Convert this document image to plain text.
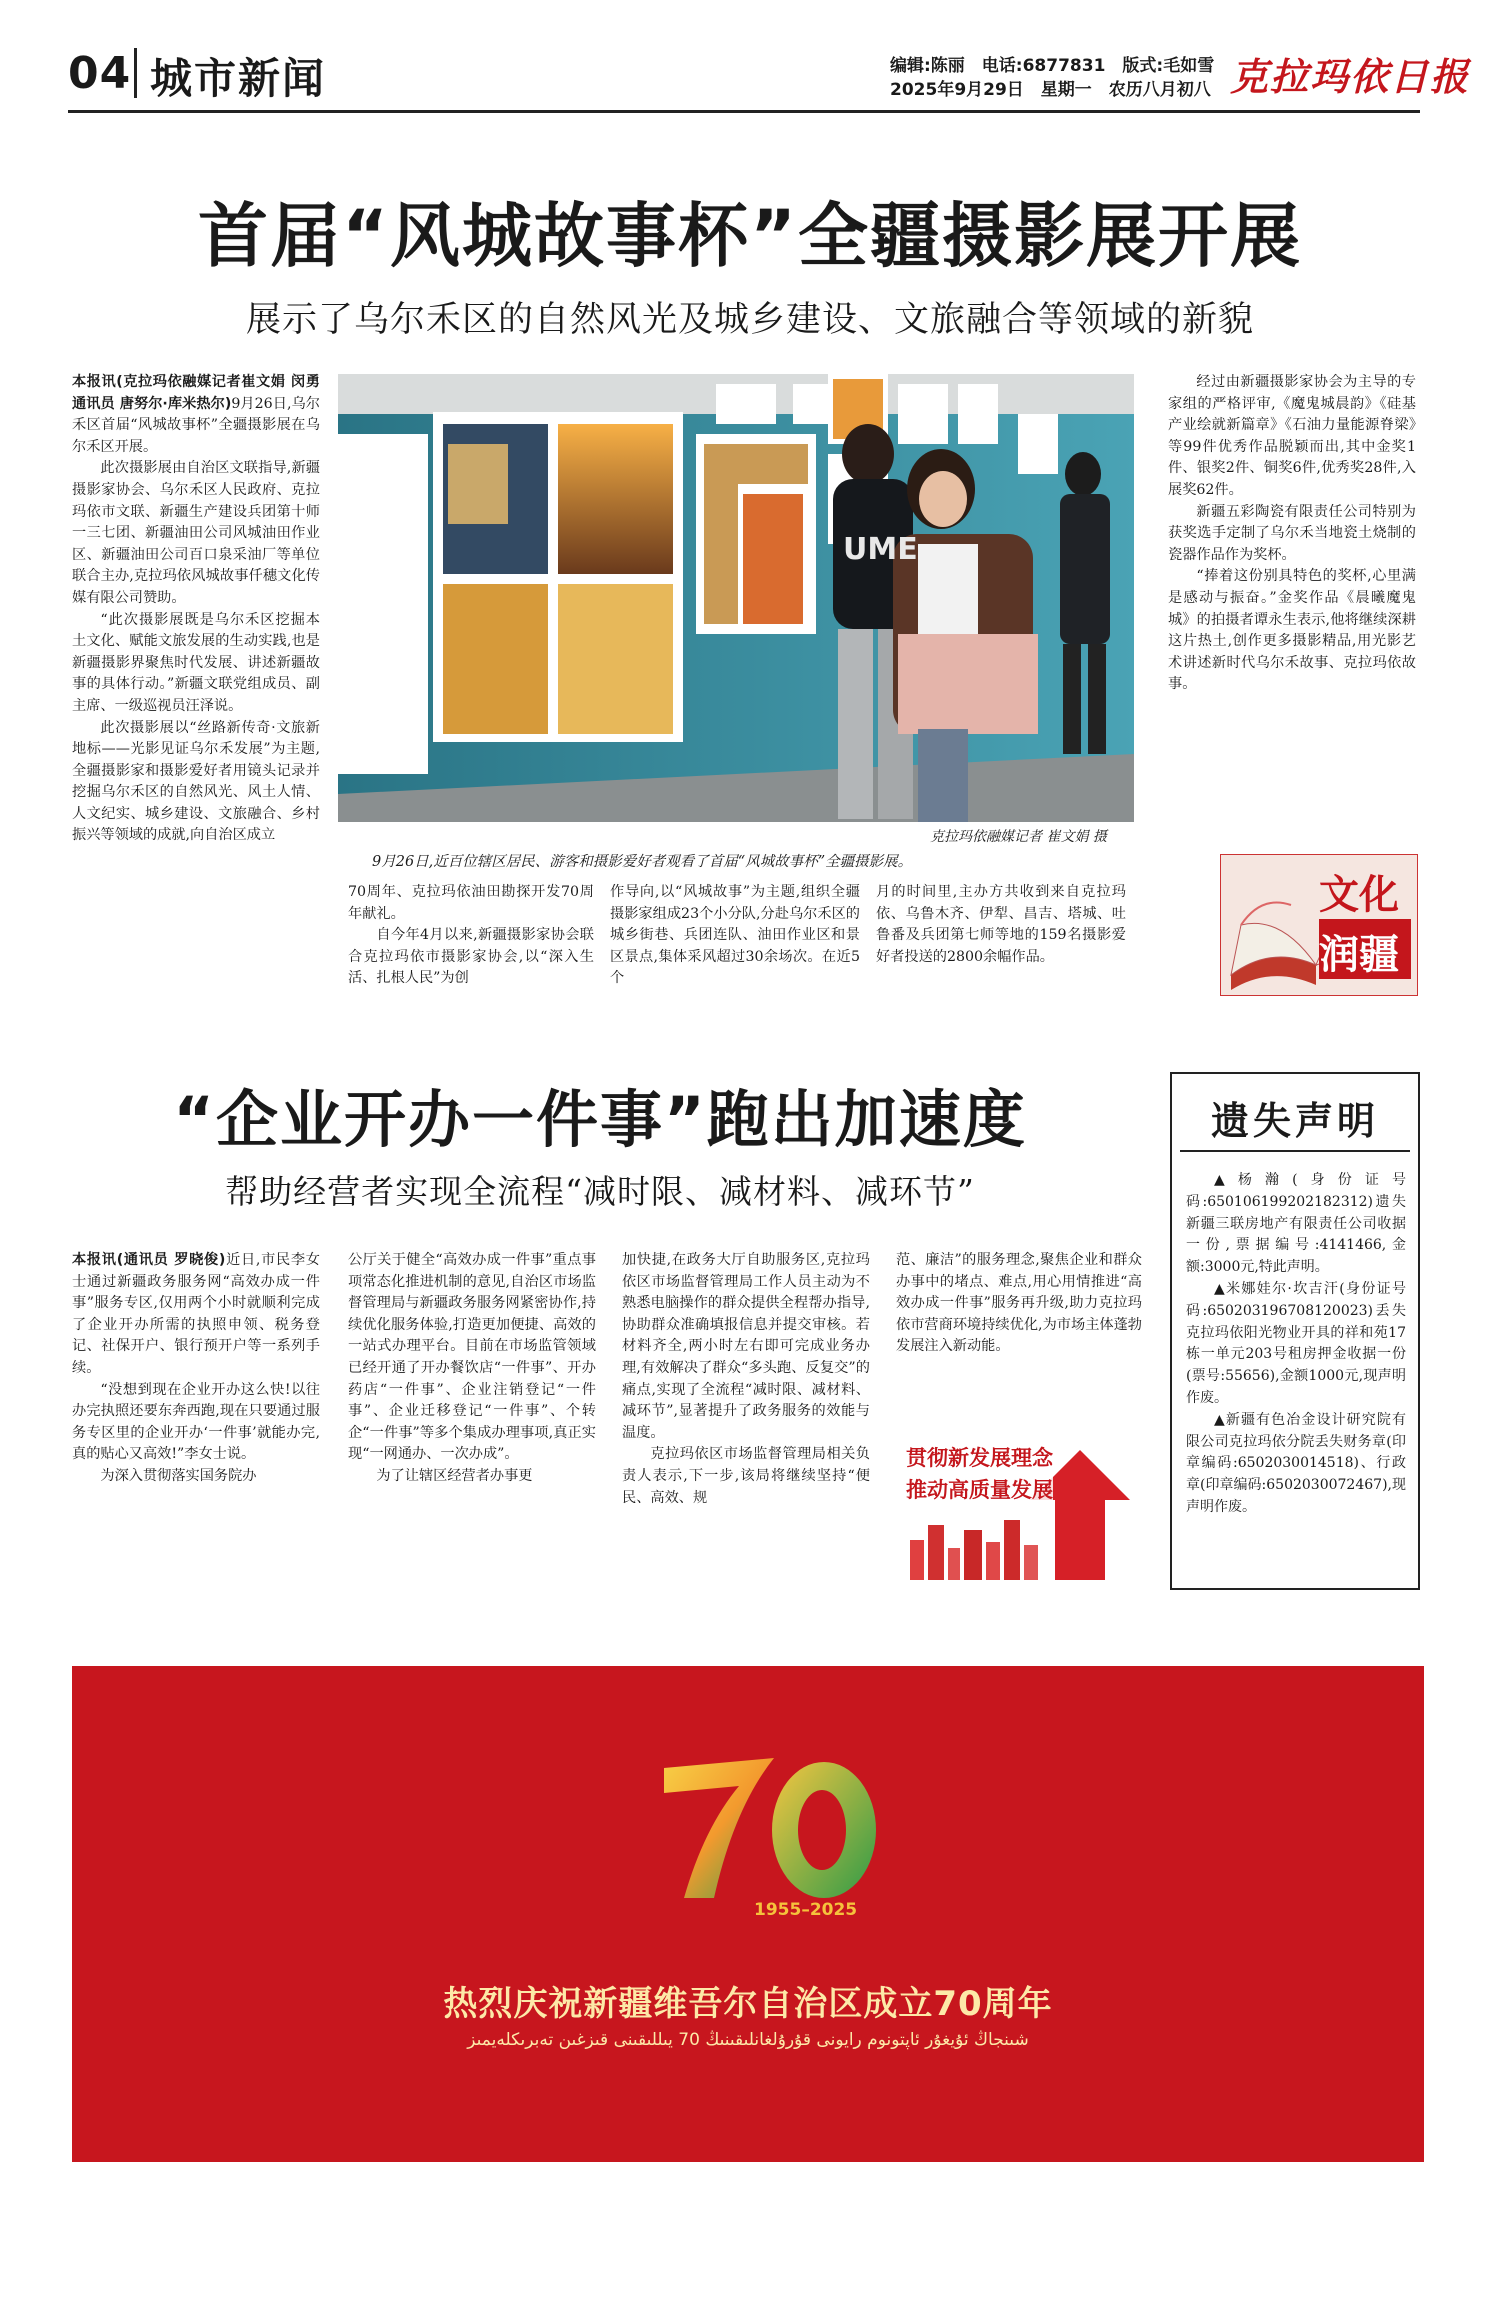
04 城市新闻	编辑:陈丽　电话:6877831　版式:毛如雪
2025年9月29日　星期一　农历八月初八 克拉玛依日报
首届“风城故事杯”全疆摄影展开展
展示了乌尔禾区的自然风光及城乡建设、文旅融合等领域的新貌

本报讯(克拉玛依融媒记者崔文娟 闵勇 通讯员 唐努尔·库米热尔)9月26日,乌尔禾区首届“风城故事杯”全疆摄影展在乌尔禾区开展。

此次摄影展由自治区文联指导,新疆摄影家协会、乌尔禾区人民政府、克拉玛依市文联、新疆生产建设兵团第十师一三七团、新疆油田公司风城油田作业区、新疆油田公司百口泉采油厂等单位联合主办,克拉玛依风城故事仟穗文化传媒有限公司赞助。

“此次摄影展既是乌尔禾区挖掘本土文化、赋能文旅发展的生动实践,也是新疆摄影界聚焦时代发展、讲述新疆故事的具体行动。”新疆文联党组成员、副主席、一级巡视员汪泽说。

此次摄影展以“丝路新传奇·文旅新地标——光影见证乌尔禾发展”为主题,全疆摄影家和摄影爱好者用镜头记录并挖掘乌尔禾区的自然风光、风土人情、人文纪实、城乡建设、文旅融合、乡村振兴等领域的成就,向自治区成立

UME
克拉玛依融媒记者 崔文娟 摄
9月26日,近百位辖区居民、游客和摄影爱好者观看了首届“风城故事杯”全疆摄影展。

70周年、克拉玛依油田勘探开发70周年献礼。

自今年4月以来,新疆摄影家协会联合克拉玛依市摄影家协会,以“深入生活、扎根人民”为创

作导向,以“风城故事”为主题,组织全疆摄影家组成23个小分队,分赴乌尔禾区的城乡街巷、兵团连队、油田作业区和景区景点,集体采风超过30余场次。在近5个

月的时间里,主办方共收到来自克拉玛依、乌鲁木齐、伊犁、昌吉、塔城、吐鲁番及兵团第七师等地的159名摄影爱好者投送的2800余幅作品。

经过由新疆摄影家协会为主导的专家组的严格评审,《魔鬼城晨韵》《硅基产业绘就新篇章》《石油力量能源脊梁》等99件优秀作品脱颖而出,其中金奖1件、银奖2件、铜奖6件,优秀奖28件,入展奖62件。

新疆五彩陶瓷有限责任公司特别为获奖选手定制了乌尔禾当地瓷土烧制的瓷器作品作为奖杯。

“捧着这份别具特色的奖杯,心里满是感动与振奋。”金奖作品《晨曦魔鬼城》的拍摄者谭永生表示,他将继续深耕这片热土,创作更多摄影精品,用光影艺术讲述新时代乌尔禾故事、克拉玛依故事。

文化
润疆
“企业开办一件事”跑出加速度
帮助经营者实现全流程“减时限、减材料、减环节”

本报讯(通讯员 罗晓俊)近日,市民李女士通过新疆政务服务网“高效办成一件事”服务专区,仅用两个小时就顺利完成了企业开办所需的执照申领、税务登记、社保开户、银行预开户等一系列手续。

“没想到现在企业开办这么快!以往办完执照还要东奔西跑,现在只要通过服务专区里的企业开办‘一件事’就能办完,真的贴心又高效!”李女士说。

为深入贯彻落实国务院办

公厅关于健全“高效办成一件事”重点事项常态化推进机制的意见,自治区市场监督管理局与新疆政务服务网紧密协作,持续优化服务体验,打造更加便捷、高效的一站式办理平台。目前在市场监管领域已经开通了开办餐饮店“一件事”、开办药店“一件事”、企业注销登记“一件事”、企业迁移登记“一件事”、个转企“一件事”等多个集成办理事项,真正实现“一网通办、一次办成”。

为了让辖区经营者办事更

加快捷,在政务大厅自助服务区,克拉玛依区市场监督管理局工作人员主动为不熟悉电脑操作的群众提供全程帮办指导,协助群众准确填报信息并提交审核。若材料齐全,两小时左右即可完成业务办理,有效解决了群众“多头跑、反复交”的痛点,实现了全流程“减时限、减材料、减环节”,显著提升了政务服务的效能与温度。

克拉玛依区市场监督管理局相关负责人表示,下一步,该局将继续坚持“便民、高效、规

范、廉洁”的服务理念,聚焦企业和群众办事中的堵点、难点,用心用情推进“高效办成一件事”服务再升级,助力克拉玛依市营商环境持续优化,为市场主体蓬勃发展注入新动能。

贯彻新发展理念
推动高质量发展
遗失声明

▲杨瀚(身份证号码:650106199202182312)遗失新疆三联房地产有限责任公司收据一份,票据编号:4141466,金额:3000元,特此声明。

▲米娜娃尔·坎吉汗(身份证号码:650203196708120023)丢失克拉玛依阳光物业开具的祥和苑17栋一单元203号租房押金收据一份(票号:55656),金额1000元,现声明作废。

▲新疆有色冶金设计研究院有限公司克拉玛依分院丢失财务章(印章编码:6502030014518)、行政章(印章编码:6502030072467),现声明作废。

1955–2025
热烈庆祝新疆维吾尔自治区成立70周年
شىنجاڭ ئۇيغۇر ئاپتونوم رايونى قۇرۇلغانلىقىنىڭ 70 يىللىقىنى قىزغىن تەبرىكلەيمىز
